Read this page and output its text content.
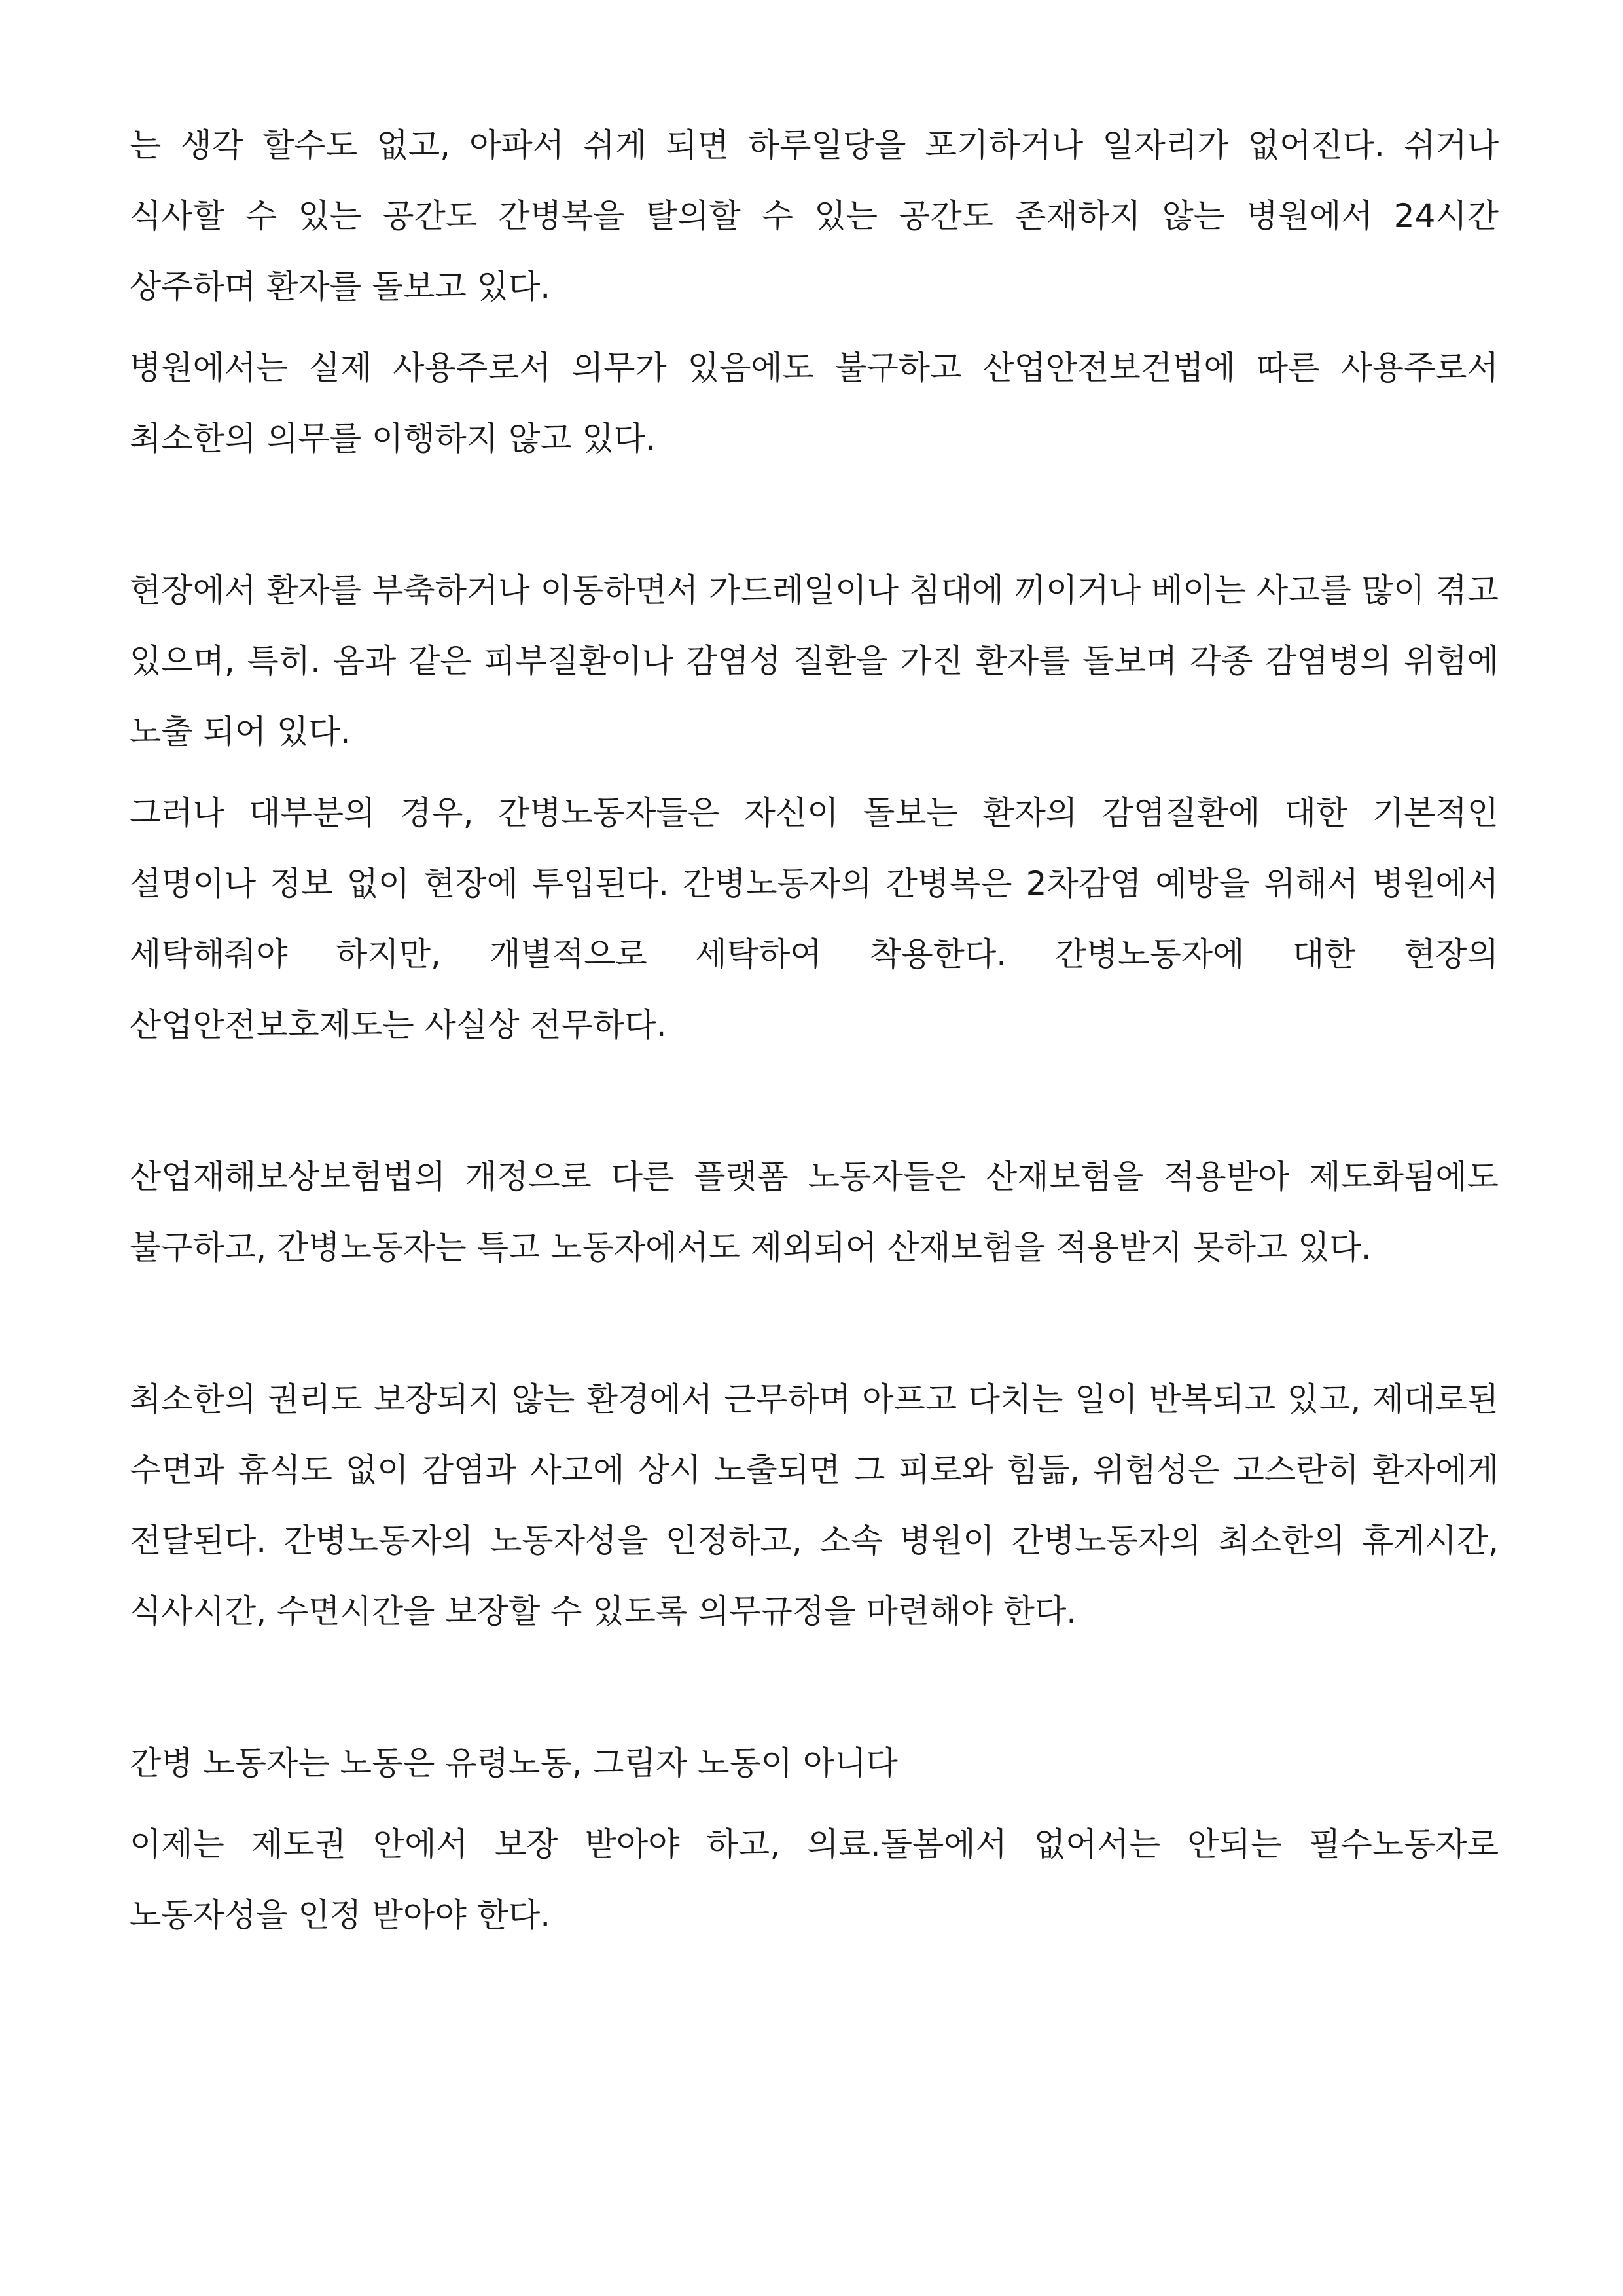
는 생각 할수도 없고, 아파서 쉬게 되면 하루일당을 포기하거나 일자리가 없어진다. 쉬거나 식사할 수 있는 공간도 간병복을 탈의할 수 있는 공간도 존재하지 않는 병원에서 24시간 상주하며 환자를 돌보고 있다.

병원에서는 실제 사용주로서 의무가 있음에도 불구하고 산업안전보건법에 따른 사용주로서 최소한의 의무를 이행하지 않고 있다.

현장에서 환자를 부축하거나 이동하면서 가드레일이나 침대에 끼이거나 베이는 사고를 많이 겪고 있으며, 특히. 옴과 같은 피부질환이나 감염성 질환을 가진 환자를 돌보며 각종 감염병의 위험에 노출 되어 있다.

그러나 대부분의 경우, 간병노동자들은 자신이 돌보는 환자의 감염질환에 대한 기본적인 설명이나 정보 없이 현장에 투입된다. 간병노동자의 간병복은 2차감염 예방을 위해서 병원에서 세탁해줘야 하지만, 개별적으로 세탁하여 착용한다. 간병노동자에 대한 현장의 산업안전보호제도는 사실상 전무하다.

산업재해보상보험법의 개정으로 다른 플랫폼 노동자들은 산재보험을 적용받아 제도화됨에도 불구하고, 간병노동자는 특고 노동자에서도 제외되어 산재보험을 적용받지 못하고 있다.

최소한의 권리도 보장되지 않는 환경에서 근무하며 아프고 다치는 일이 반복되고 있고, 제대로된 수면과 휴식도 없이 감염과 사고에 상시 노출되면 그 피로와 힘듦, 위험성은 고스란히 환자에게 전달된다. 간병노동자의 노동자성을 인정하고, 소속 병원이 간병노동자의 최소한의 휴게시간, 식사시간, 수면시간을 보장할 수 있도록 의무규정을 마련해야 한다.

간병 노동자는 노동은 유령노동, 그림자 노동이 아니다

이제는 제도권 안에서 보장 받아야 하고, 의료.돌봄에서 없어서는 안되는 필수노동자로 노동자성을 인정 받아야 한다.
